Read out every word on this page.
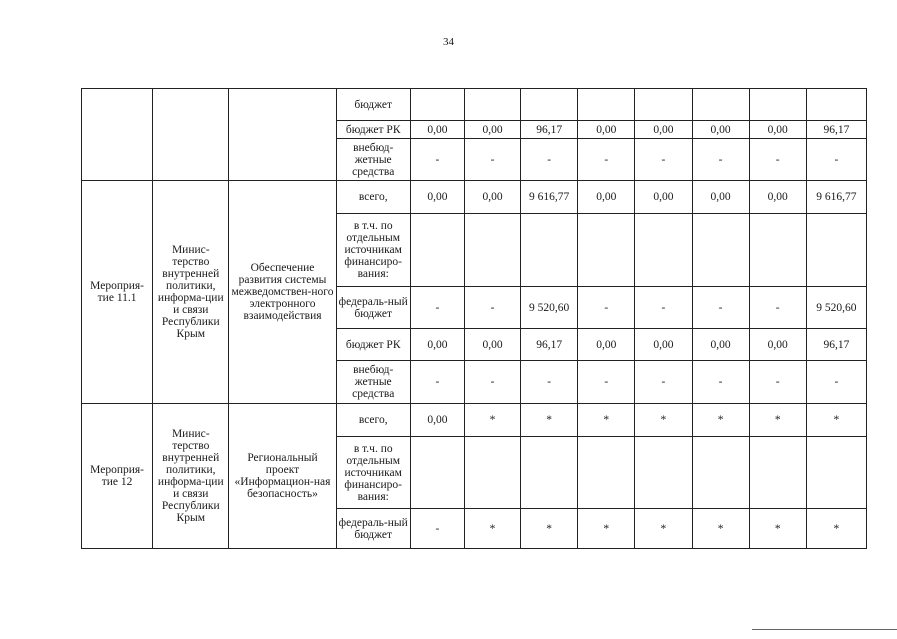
34
			бюджет								
			бюджет РК	0,00	0,00	96,17	0,00	0,00	0,00	0,00	96,17
			внебюд-жетные средства	-	-	-	-	-	-	-	-
Мероприя-тие 11.1	Минис-терство внутренней политики, информа-ции и связи Республики Крым	Обеспечение развития системы межведомствен-ного электронного взаимодействия	всего,	0,00	0,00	9 616,77	0,00	0,00	0,00	0,00	9 616,77
			в т.ч. по отдельным источникам финансиро-вания:								
			федераль-ный бюджет	-	-	9 520,60	-	-	-	-	9 520,60
			бюджет РК	0,00	0,00	96,17	0,00	0,00	0,00	0,00	96,17
			внебюд-жетные средства	-	-	-	-	-	-	-	-
Мероприя-тие 12	Минис-терство внутренней политики, информа-ции и связи Республики Крым	Региональный проект «Информацион-ная безопасность»	всего,	0,00	*	*	*	*	*	*	*
			в т.ч. по отдельным источникам финансиро-вания:								
			федераль-ный бюджет	-	*	*	*	*	*	*	*
